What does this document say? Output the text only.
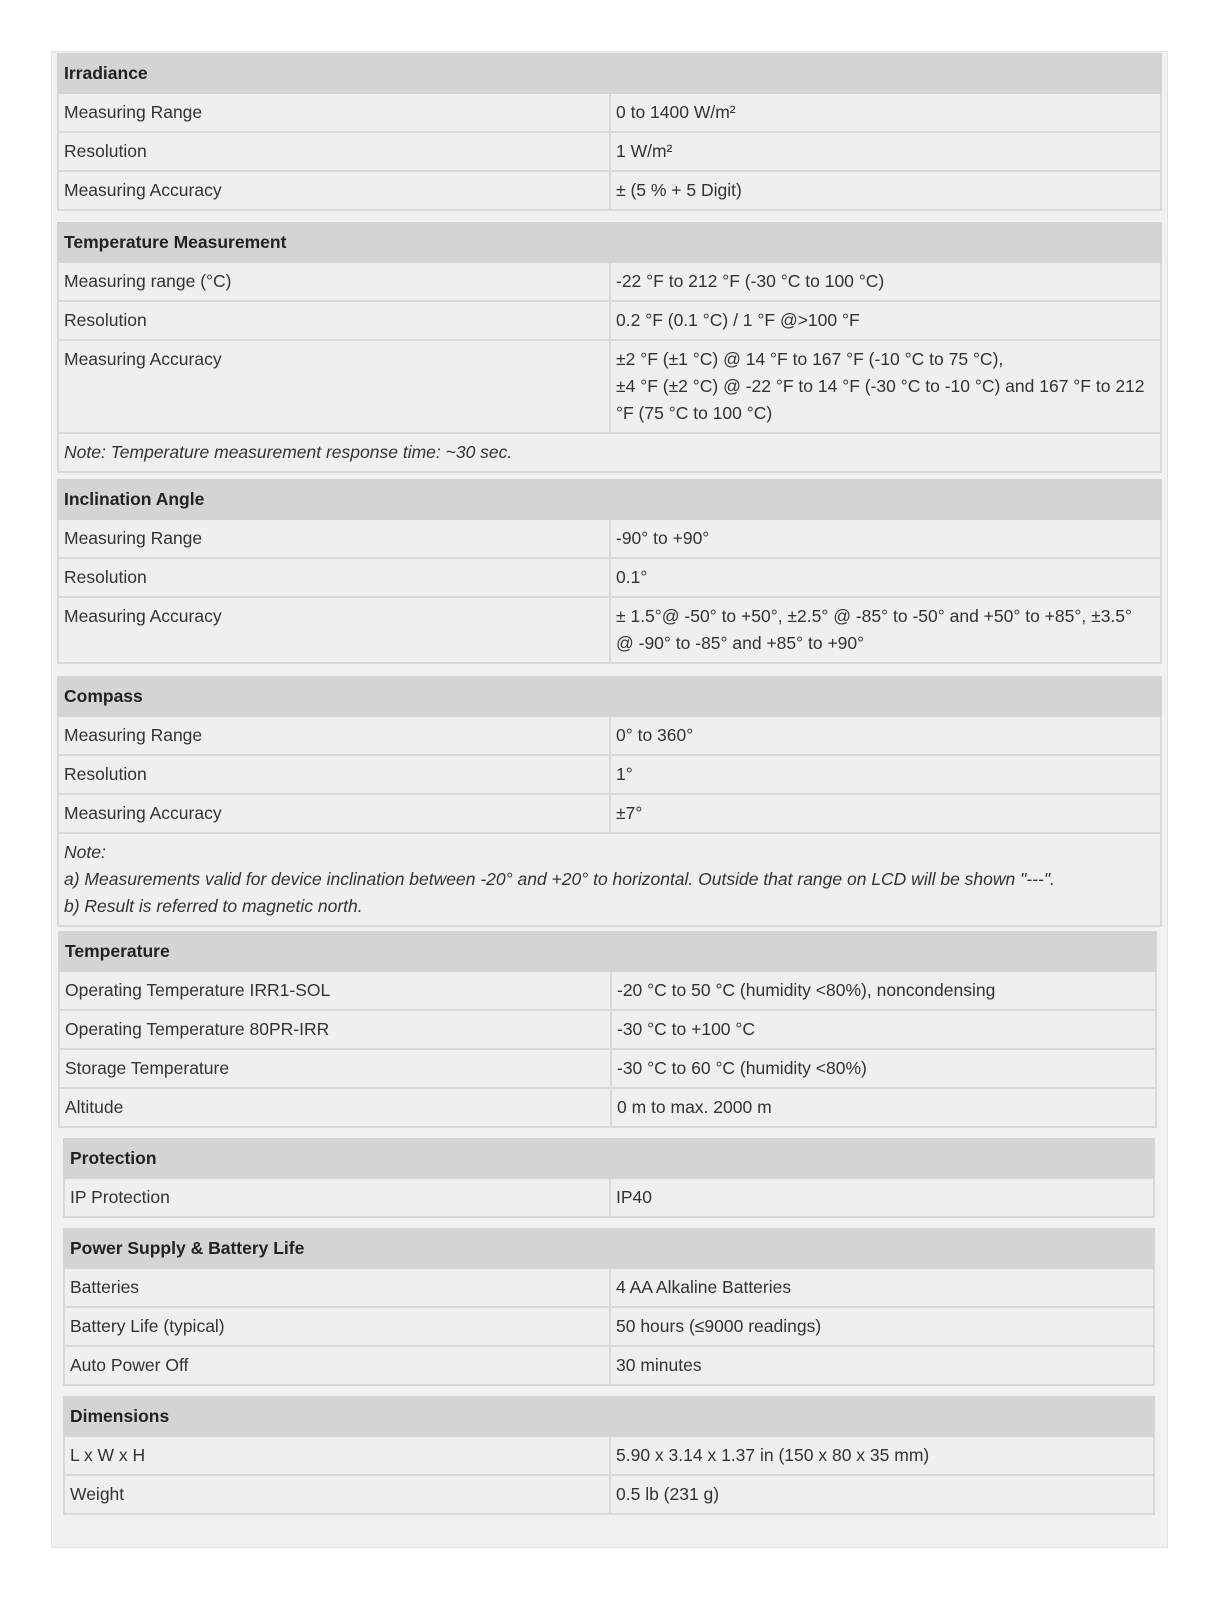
Irradiance	
Measuring Range	0 to 1400 W/m²
Resolution	1 W/m²
Measuring Accuracy	± (5 % + 5 Digit)
Temperature Measurement	
Measuring range (°C)	-22 °F to 212 °F (-30 °C to 100 °C)
Resolution	0.2 °F (0.1 °C) / 1 °F @>100 °F
Measuring Accuracy	±2 °F (±1 °C) @ 14 °F to 167 °F (-10 °C to 75 °C),
±4 °F (±2 °C) @ -22 °F to 14 °F (-30 °C to -10 °C) and 167 °F to 212
°F (75 °C to 100 °C)

Note: Temperature measurement response time: ~30 sec.	
Inclination Angle	
Measuring Range	-90° to +90°
Resolution	0.1°
Measuring Accuracy	± 1.5°@ -50° to +50°, ±2.5° @ -85° to -50° and +50° to +85°, ±3.5°
@ -90° to -85° and +85° to +90°
Compass	
Measuring Range	0° to 360°
Resolution	1°
Measuring Accuracy	±7°

Note:
a) Measurements valid for device inclination between -20° and +20° to horizontal. Outside that range on LCD will be shown "---".
b) Result is referred to magnetic north.	
Temperature	
Operating Temperature IRR1-SOL	-20 °C to 50 °C (humidity <80%), noncondensing
Operating Temperature 80PR-IRR	-30 °C to +100 °C
Storage Temperature	-30 °C to 60 °C (humidity <80%)
Altitude	0 m to max. 2000 m
Protection
IP Protection	IP40
Power Supply & Battery Life	
Batteries	4 AA Alkaline Batteries
Battery Life (typical)	50 hours (≤9000 readings)
Auto Power Off	30 minutes
Dimensions	
L x W x H	5.90 x 3.14 x 1.37 in (150 x 80 x 35 mm)
Weight	0.5 lb (231 g)
